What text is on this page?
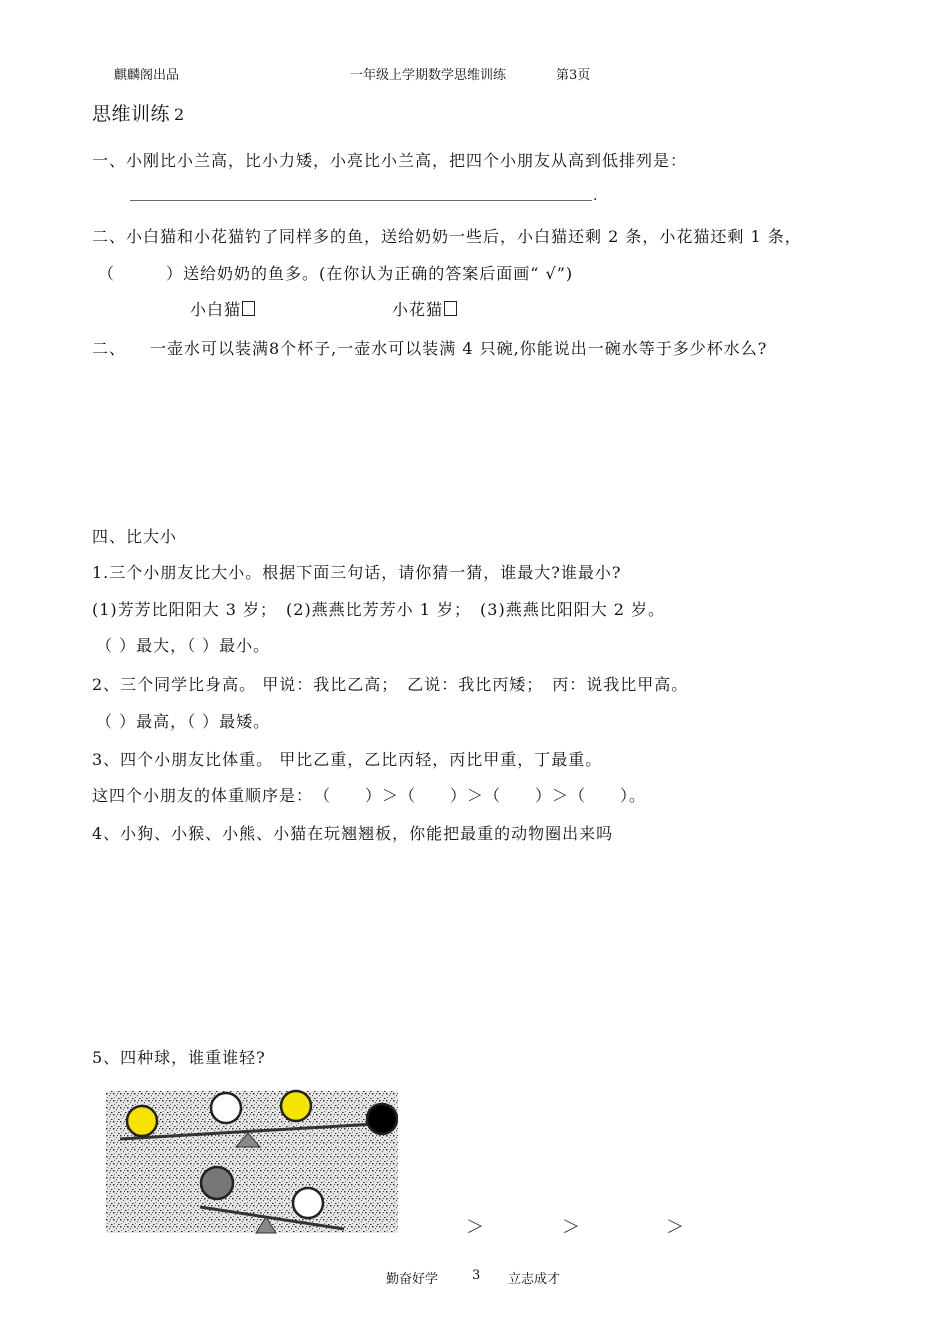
麒麟阁出品	一年级上学期数学思维训练	第3页
思维训练 2
一、小刚比小兰高，比小力矮，小亮比小兰高，把四个小朋友从高到低排列是：
.
二、小白猫和小花猫钓了同样多的鱼，送给奶奶一些后，小白猫还剩 2 条，小花猫还剩 1 条，
（　　　）送给奶奶的鱼多。(在你认为正确的答案后面画“ √”)
小白猫	小花猫
二、 一壶水可以装满8个杯子,一壶水可以装满 4 只碗,你能说出一碗水等于多少杯水么?
四、比大小
1.三个小朋友比大小。根据下面三句话，请你猜一猜，谁最大?谁最小?
(1)芳芳比阳阳大 3 岁；　(2)燕燕比芳芳小 1 岁；　(3)燕燕比阳阳大 2 岁。
（ ）最大，（ ）最小。
2、三个同学比身高。 甲说：我比乙高；　乙说：我比丙矮；　丙：说我比甲高。
（ ）最高，（ ）最矮。
3、四个小朋友比体重。 甲比乙重，乙比丙轻，丙比甲重，丁最重。
这四个小朋友的体重顺序是：　（　　）＞（　　）＞（　　）＞（　　）。
4、小狗、小猴、小熊、小猫在玩翘翘板，你能把最重的动物圈出来吗
5、四种球，谁重谁轻?
＞	＞	＞
勤奋好学	3 立志成才
